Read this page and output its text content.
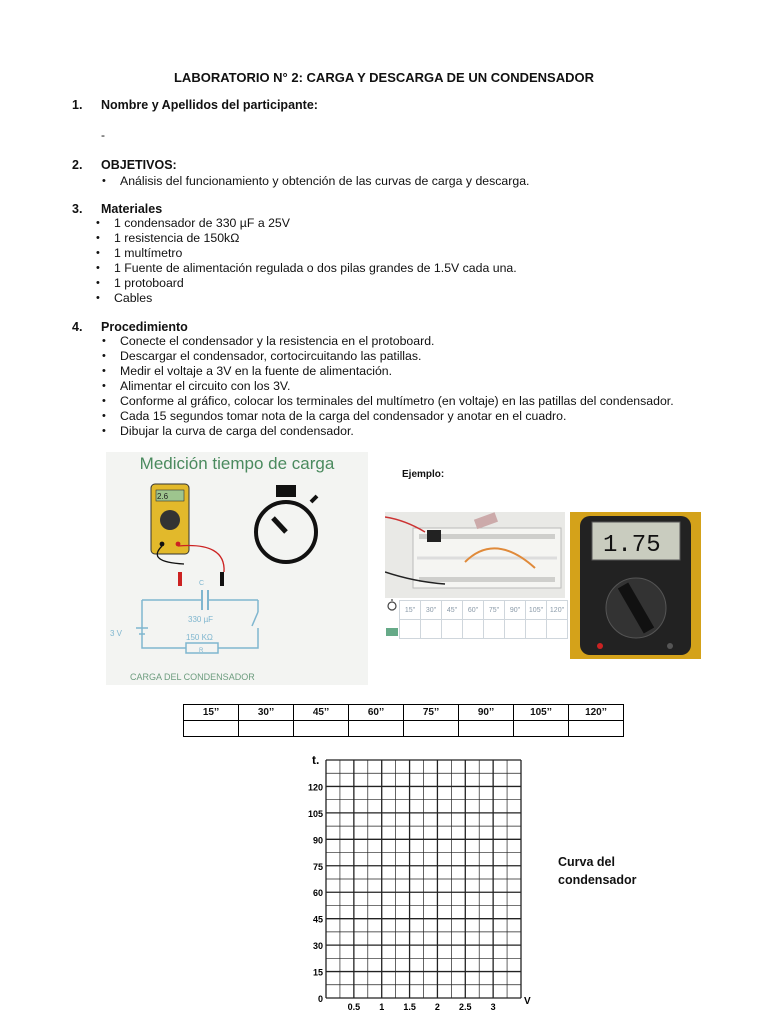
LABORATORIO N° 2: CARGA Y DESCARGA DE UN CONDENSADOR
1. Nombre y Apellidos del participante:
-
2. OBJETIVOS:
• Análisis del funcionamiento y obtención de las curvas de carga y descarga.
3. Materiales
• 1 condensador de 330 µF a 25V
• 1 resistencia de 150kΩ
• 1 multímetro
• 1 Fuente de alimentación regulada o dos pilas grandes de 1.5V cada una.
• 1 protoboard
• Cables
4. Procedimiento
• Conecte el condensador y la resistencia en el protoboard.
• Descargar el condensador, cortocircuitando las patillas.
• Medir el voltaje a 3V en la fuente de alimentación.
• Alimentar el circuito con los 3V.
• Conforme al gráfico, colocar los terminales del multímetro (en voltaje) en las patillas del condensador.
• Cada 15 segundos tomar nota de la carga del condensador y anotar en el cuadro.
• Dibujar la curva de carga del condensador.
Medición tiempo de carga
C
330 µF
3 V	150 KΩ
R
2.6
CARGA DEL CONDENSADOR
Ejemplo:
1.75
15"	30"	45"	60"	75"	90"	105"	120"

15’’	30’’	45’’	60’’	75’’	90’’	105’’	120’’

t.
V
0
15
30
45
60
75
90
105
120
0.5 1 1.5 2 2.5 3
Curva del
condensador
